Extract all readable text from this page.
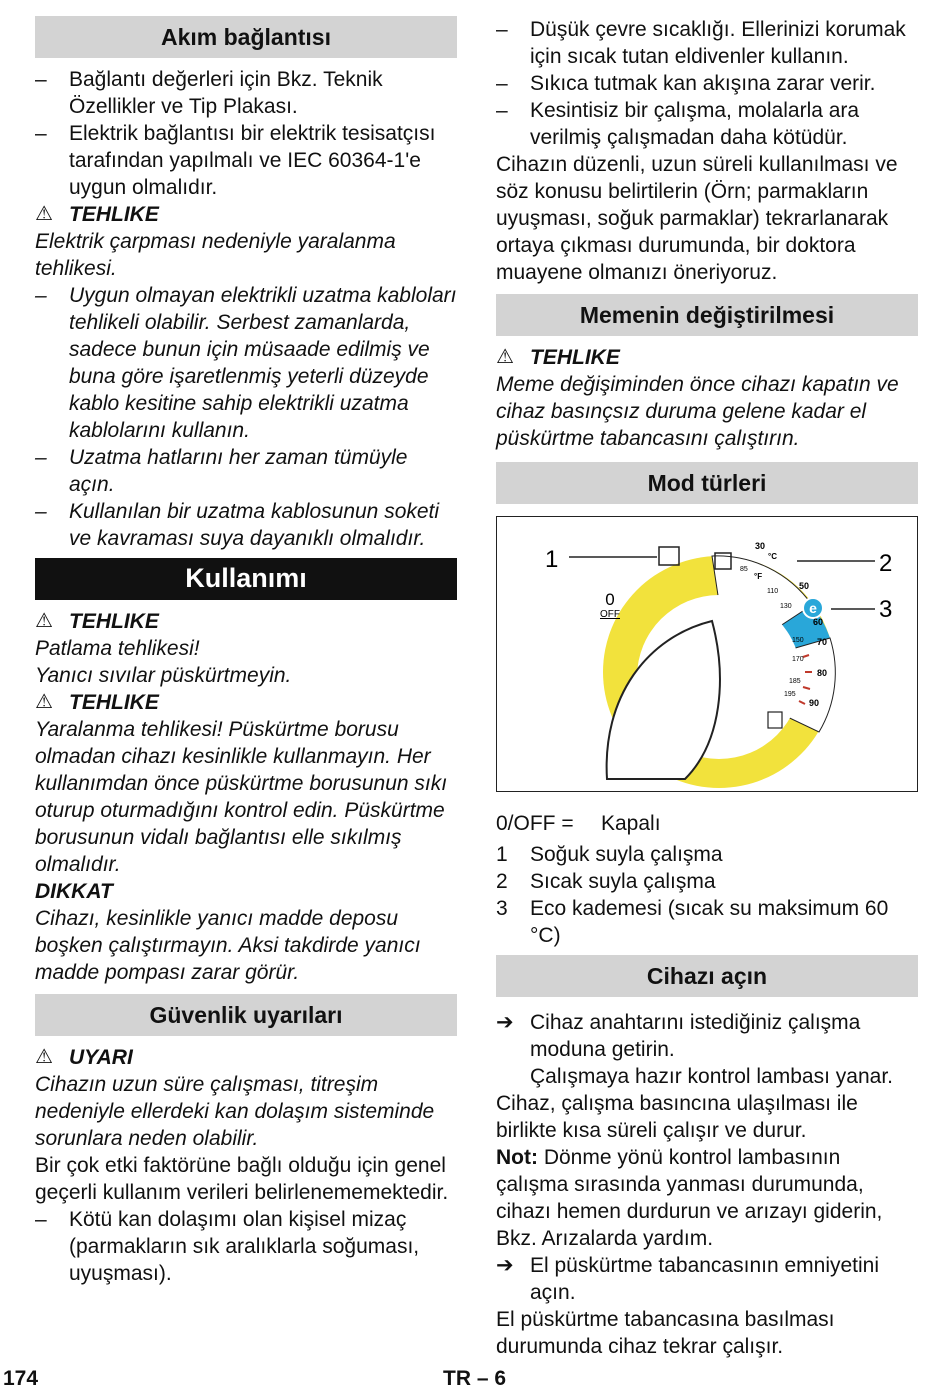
Akım bağlantısı
–	Bağlantı değerleri için Bkz. Teknik Özellikler ve Tip Plakası.
–	Elektrik bağlantısı bir elektrik tesisatçısı tarafından yapılmalı ve IEC 60364-1'e uygun olmalıdır.
⚠ TEHLIKE
Elektrik çarpması nedeniyle yaralanma tehlikesi.
–	Uygun olmayan elektrikli uzatma kabloları tehlikeli olabilir. Serbest zamanlarda, sadece bunun için müsaade edilmiş ve buna göre işaretlenmiş yeterli düzeyde kablo kesitine sahip elektrikli uzatma kablolarını kullanın.
–	Uzatma hatlarını her zaman tümüyle açın.
–	Kullanılan bir uzatma kablosunun soketi ve kavraması suya dayanıklı olmalıdır.
Kullanımı
⚠ TEHLIKE
Patlama tehlikesi!
Yanıcı sıvılar püskürtmeyin.
⚠ TEHLIKE
Yaralanma tehlikesi! Püskürtme borusu olmadan cihazı kesinlikle kullanmayın. Her kullanımdan önce püskürtme borusunun sıkı oturup oturmadığını kontrol edin. Püskürtme borusunun vidalı bağlantısı elle sıkılmış olmalıdır.
DIKKAT
Cihazı, kesinlikle yanıcı madde deposu boşken çalıştırmayın. Aksi takdirde yanıcı madde pompası zarar görür.
Güvenlik uyarıları
⚠ UYARI
Cihazın uzun süre çalışması, titreşim nedeniyle ellerdeki kan dolaşım sisteminde sorunlara neden olabilir.
Bir çok etki faktörüne bağlı olduğu için genel geçerli kullanım verileri belirlenememektedir.
–	Kötü kan dolaşımı olan kişisel mizaç (parmakların sık aralıklarla soğuması, uyuşması).
–	Düşük çevre sıcaklığı. Ellerinizi korumak için sıcak tutan eldivenler kullanın.
–	Sıkıca tutmak kan akışına zarar verir.
–	Kesintisiz bir çalışma, molalarla ara verilmiş çalışmadan daha kötüdür.
Cihazın düzenli, uzun süreli kullanılması ve söz konusu belirtilerin (Örn; parmakların uyuşması, soğuk parmaklar) tekrarlanarak ortaya çıkması durumunda, bir doktora muayene olmanızı öneriyoruz.
Memenin değiştirilmesi
⚠ TEHLIKE
Meme değişiminden önce cihazı kapatın ve cihaz basınçsız duruma gelene kadar el püskürtme tabancasını çalıştırın.
Mod türleri
e
1	2
3
0
OFF
°C
°F
30
50
60
70
80
90
85
110
130
150
170
185
195
0/OFF =	Kapalı
1	Soğuk suyla çalışma
2	Sıcak suyla çalışma
3	Eco kademesi (sıcak su maksimum 60 °C)
Cihazı açın
➔ Cihaz anahtarını istediğiniz çalışma moduna getirin.
Çalışmaya hazır kontrol lambası yanar.
Cihaz, çalışma basıncına ulaşılması ile birlikte kısa süreli çalışır ve durur.
Not: Dönme yönü kontrol lambasının çalışma sırasında yanması durumunda, cihazı hemen durdurun ve arızayı giderin, Bkz. Arızalarda yardım.
➔ El püskürtme tabancasının emniyetini açın.
El püskürtme tabancasına basılması durumunda cihaz tekrar çalışır.
174	TR – 6
